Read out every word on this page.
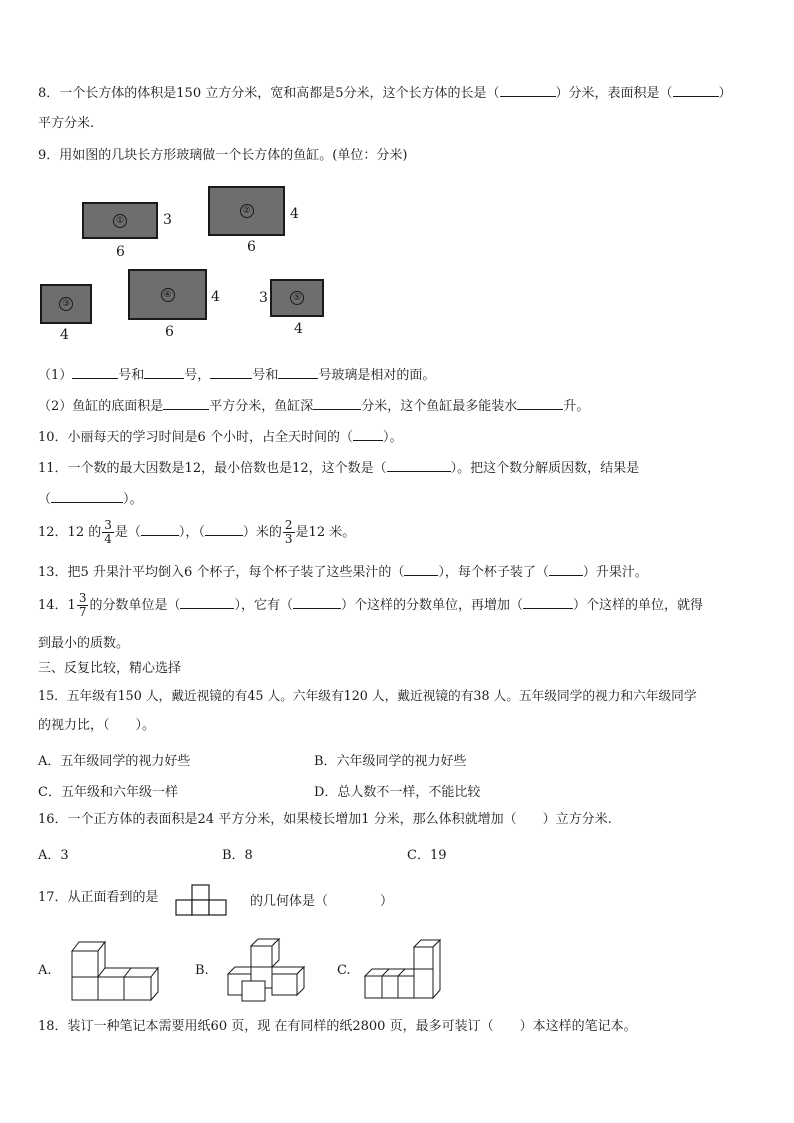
8．一个长方体的体积是150 立方分米，宽和高都是5分米，这个长方体的长是（	）分米，表面积是（	）
平方分米.
9．用如图的几块长方形玻璃做一个长方体的鱼缸。(单位：分米)
①	3
6
②	4
6
③
4
④	4
6
⑤
3
4
（1）	号和	号，	号和	号玻璃是相对的面。
（2）鱼缸的底面积是	平方分米，鱼缸深	分米，这个鱼缸最多能装水	升。
10．小丽每天的学习时间是6 个小时，占全天时间的（ ）。
11．一个数的最大因数是12，最小倍数也是12，这个数是（	）。把这个数分解质因数，结果是
（	）。
12．12 的 $\frac{3}{4}$ 是（	），（	）米的 $\frac{2}{3}$ 是12 米。
13．把5 升果汁平均倒入6 个杯子，每个杯子装了这些果汁的（	），每个杯子装了（	）升果汁。
14．$1 \frac{3}{7}$ 的分数单位是（	），它有（	）个这样的分数单位，再增加（	）个这样的单位，就得
到最小的质数。
三、反复比较，精心选择
15．五年级有150 人，戴近视镜的有45 人。六年级有120 人，戴近视镜的有38 人。五年级同学的视力和六年级同学
的视力比，（　　）。
A．五年级同学的视力好些	B．六年级同学的视力好些
C．五年级和六年级一样	D．总人数不一样，不能比较
16．一个正方体的表面积是24 平方分米，如果棱长增加1 分米，那么体积就增加（　　）立方分米.
A．3	B．8	C．19
17．从正面看到的是	的几何体是（　　　　）
A.	B.	C.
18．装订一种笔记本需要用纸60 页，现 在有同样的纸2800 页，最多可装订（　　）本这样的笔记本。
